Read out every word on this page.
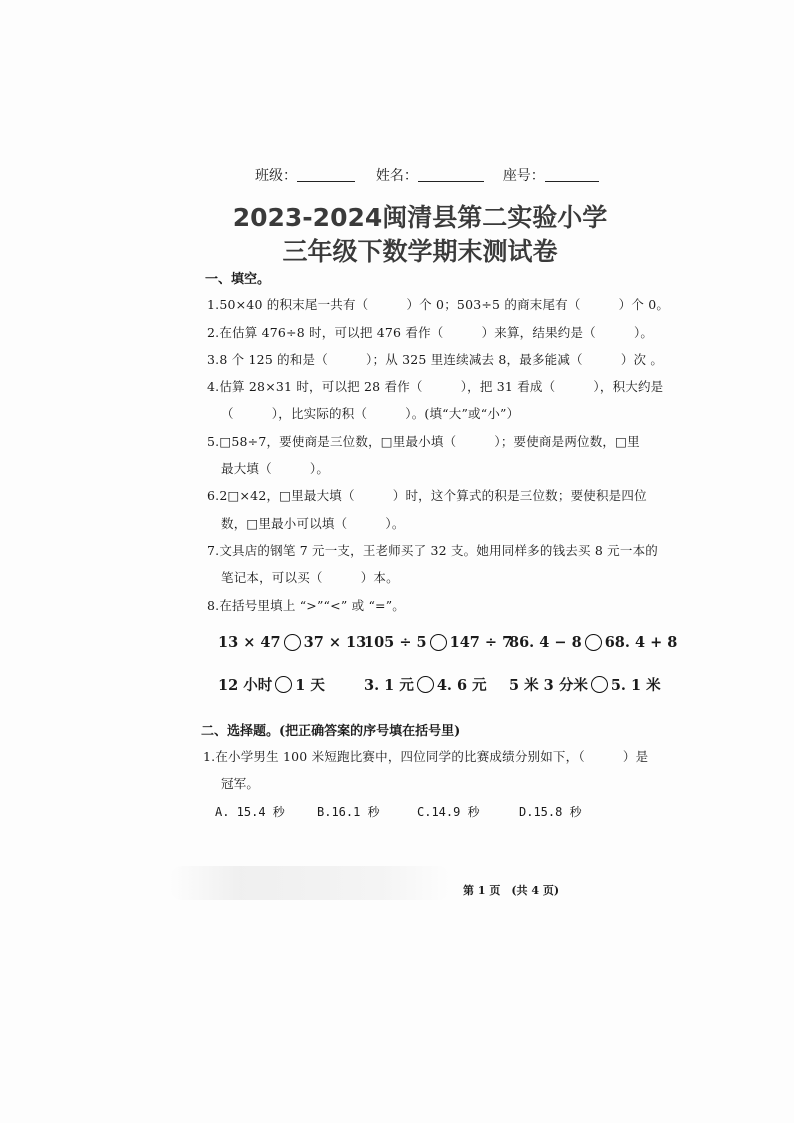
班级：	姓名：	座号：
2023-2024闽清县第二实验小学
三年级下数学期末测试卷
一、填空。
1.50×40 的积末尾一共有（　　　）个 0；503÷5 的商末尾有（　　　）个 0。
2.在估算 476÷8 时，可以把 476 看作（　　　）来算，结果约是（　　　）。
3.8 个 125 的和是（　　　）；从 325 里连续减去 8，最多能减（　　　）次 。
4.估算 28×31 时，可以把 28 看作（　　　），把 31 看成（　　　），积大约是
（　　　），比实际的积（　　　）。(填“大”或“小”）
5.□58÷7，要使商是三位数，□里最小填（　　　）；要使商是两位数，□里
最大填（　　　）。
6.2□×42，□里最大填（　　　）时，这个算式的积是三位数；要使积是四位
数，□里最小可以填（　　　）。
7.文具店的钢笔 7 元一支，王老师买了 32 支。她用同样多的钱去买 8 元一本的
笔记本，可以买（　　　）本。
8.在括号里填上 “>”“<” 或 “=”。
13 × 47 37 × 13
105 ÷ 5 147 ÷ 7
86. 4 − 8 68. 4 + 8
12 小时 1 天	3. 1 元 4. 6 元 5 米 3 分米 5. 1 米
二、选择题。(把正确答案的序号填在括号里)
1.在小学男生 100 米短跑比赛中，四位同学的比赛成绩分别如下，（　　　）是
冠军。
A. 15.4 秒	B.16.1 秒	C.14.9 秒	D.15.8 秒
第 1 页　(共 4 页)
